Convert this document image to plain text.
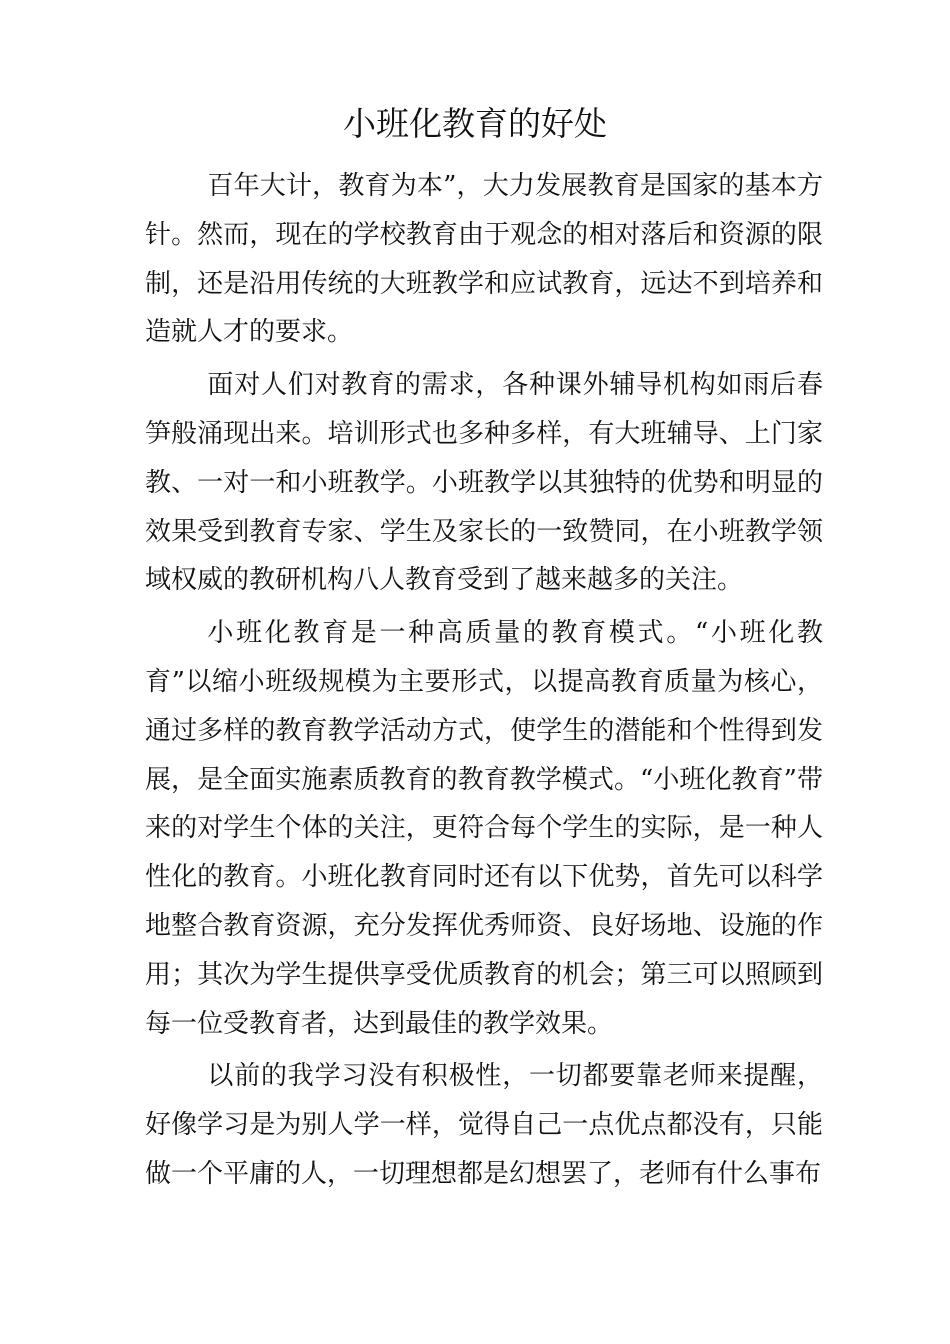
小班化教育的好处

百年大计，教育为本”，大力发展教育是国家的基本方针。然而，现在的学校教育由于观念的相对落后和资源的限制，还是沿用传统的大班教学和应试教育，远达不到培养和造就人才的要求。

面对人们对教育的需求，各种课外辅导机构如雨后春笋般涌现出来。培训形式也多种多样，有大班辅导、上门家教、一对一和小班教学。小班教学以其独特的优势和明显的效果受到教育专家、学生及家长的一致赞同，在小班教学领域权威的教研机构八人教育受到了越来越多的关注。

小班化教育是一种高质量的教育模式。“小班化教育”以缩小班级规模为主要形式，以提高教育质量为核心，通过多样的教育教学活动方式，使学生的潜能和个性得到发展，是全面实施素质教育的教育教学模式。“小班化教育”带来的对学生个体的关注，更符合每个学生的实际，是一种人性化的教育。小班化教育同时还有以下优势，首先可以科学地整合教育资源，充分发挥优秀师资、良好场地、设施的作用；其次为学生提供享受优质教育的机会；第三可以照顾到每一位受教育者，达到最佳的教学效果。

以前的我学习没有积极性，一切都要靠老师来提醒，好像学习是为别人学一样，觉得自己一点优点都没有，只能做一个平庸的人，一切理想都是幻想罢了，老师有什么事布
